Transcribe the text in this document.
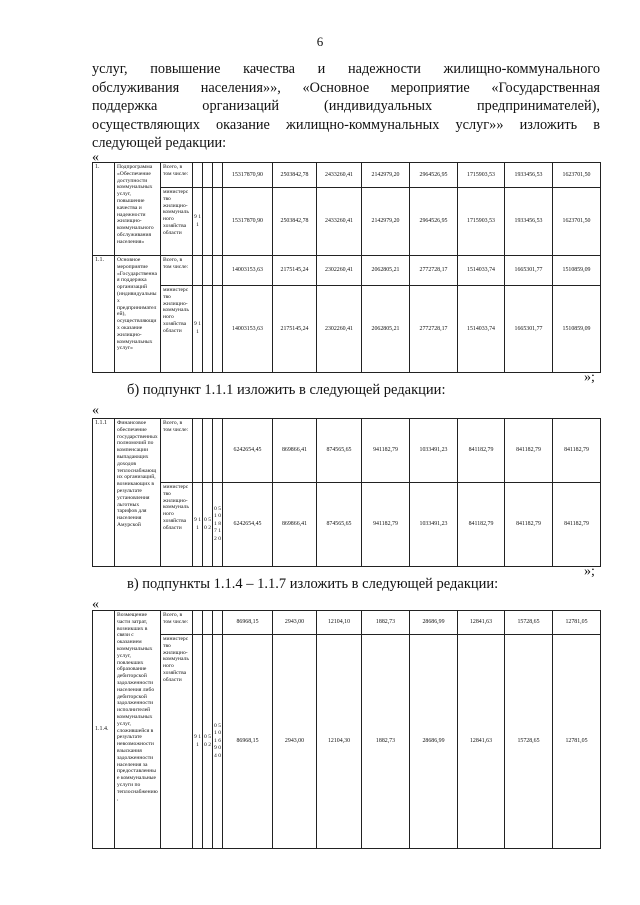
6
услуг, повышение качества и надежности жилищно-коммунального
обслуживания населения»», «Основное мероприятие «Государственная
поддержка организаций (индивидуальных предпринимателей),
осуществляющих оказание жилищно-коммунальных услуг»» изложить в
следующей редакции:
«
1.	Подпрограмма «Обеспечение доступности коммунальных услуг, повышение качества и надежности жилищно-коммунального обслуживания населения»	Всего, в том числе:				15317870,90	2503842,78	2433260,41	2142979,20	2964526,95	1715903,53	1933456,53	1623701,50
		министерство жилищно-коммунального хозяйства области	9 1 1			15317870,90	2503842,78	2433260,41	2142979,20	2964526,95	1715903,53	1933456,53	1623701,50
1.1.	Основное мероприятие «Государственная поддержка организаций (индивидуальных предпринимателей), осуществляющих оказание жилищно-коммунальных услуг»	Всего, в том числе:				14003153,63	2175145,24	2302260,41	2062805,21	2772728,17	1514033,74	1665301,77	1510859,09
		министерство жилищно-коммунального хозяйства области	9 1 1			14003153,63	2175145,24	2302260,41	2062805,21	2772728,17	1514033,74	1665301,77	1510859,09
»;
б) подпункт 1.1.1 изложить в следующей редакции:
«
1.1.1	Финансовое обеспечение государственных полномочий по компенсации выпадающих доходов теплоснабжающих организаций, возникающих в результате установления льготных тарифов для населения Амурской	Всего, в том числе:				6242654,45	869866,41	874565,65	941182,79	1033491,23	841182,79	841182,79	841182,79
		министерство жилищно-коммунального хозяйства области	9 1 1	0 5 0 2	0 5 1 0 1 8 7 1 2 0	6242654,45	869866,41	874565,65	941182,79	1033491,23	841182,79	841182,79	841182,79
»;
в) подпункты 1.1.4 – 1.1.7 изложить в следующей редакции:
«
1.1.4.	Возмещение части затрат, возникших в связи с оказанием коммунальных услуг, повлекших образование дебиторской задолженности населения либо дебиторской задолженности исполнителей коммунальных услуг, сложившейся в результате невозможности взыскания задолженности населения за предоставленные коммунальные услуги по теплоснабжению,	Всего, в том числе:				86968,15	2943,00	12104,10	1882,73	28686,99	12841,63	15728,65	12781,05
		министерство жилищно-коммунального хозяйства области	9 1 1	0 5 0 2	0 5 1 0 1 6 9 0 4 0	86968,15	2943,00	12104,30	1882,73	28686,99	12841,63	15728,65	12781,05
